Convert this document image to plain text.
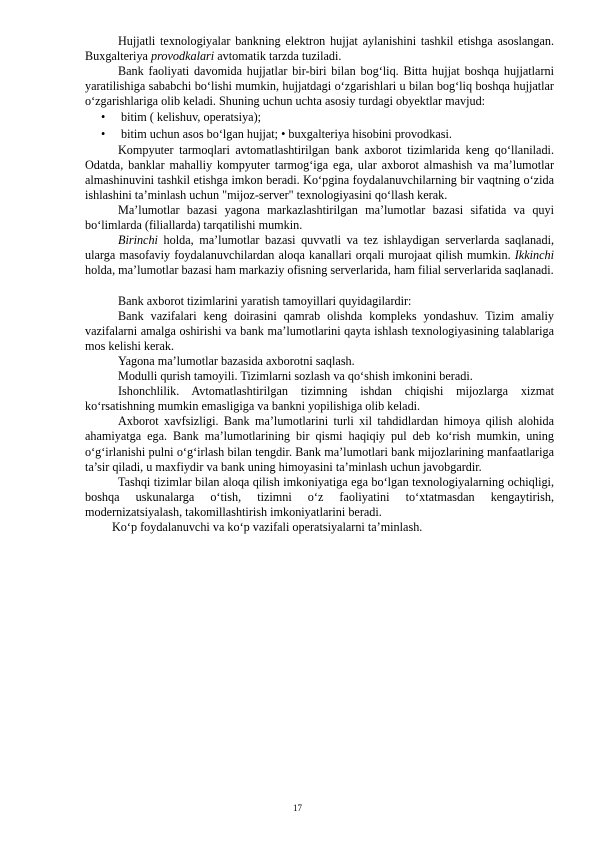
Hujjatli texnologiyalar bankning elektron hujjat aylanishini tashkil etishga asoslangan. Buxgalteriya provodkalari avtomatik tarzda tuziladi.

Bank faoliyati davomida hujjatlar bir-biri bilan bog‘liq. Bitta hujjat boshqa hujjatlarni yaratilishiga sababchi bo‘lishi mumkin, hujjatdagi o‘zgarishlari u bilan bog‘liq boshqa hujjatlar o‘zgarishlariga olib keladi. Shuning uchun uchta asosiy turdagi obyektlar mavjud:

• bitim ( kelishuv, operatsiya);
• bitim uchun asos bo‘lgan hujjat; • buxgalteriya hisobini provodkasi.

Kompyuter tarmoqlari avtomatlashtirilgan bank axborot tizimlarida keng qo‘llaniladi. Odatda, banklar mahalliy kompyuter tarmog‘iga ega, ular axborot almashish va ma’lumotlar almashinuvini tashkil etishga imkon beradi. Ko‘pgina foydalanuvchilarning bir vaqtning o‘zida ishlashini ta’minlash uchun "mijoz-server" texnologiyasini qo‘llash kerak.

Ma’lumotlar bazasi yagona markazlashtirilgan ma’lumotlar bazasi sifatida va quyi bo‘limlarda (filiallarda) tarqatilishi mumkin.

Birinchi holda, ma’lumotlar bazasi quvvatli va tez ishlaydigan serverlarda saqlanadi, ularga masofaviy foydalanuvchilardan aloqa kanallari orqali murojaat qilish mumkin. Ikkinchi holda, ma’lumotlar bazasi ham markaziy ofisning serverlarida, ham filial serverlarida saqlanadi.

Bank axborot tizimlarini yaratish tamoyillari quyidagilardir:

Bank vazifalari keng doirasini qamrab olishda kompleks yondashuv. Tizim amaliy vazifalarni amalga oshirishi va bank ma’lumotlarini qayta ishlash texnologiyasining talablariga mos kelishi kerak.

Yagona ma’lumotlar bazasida axborotni saqlash.

Modulli qurish tamoyili. Tizimlarni sozlash va qo‘shish imkonini beradi.

Ishonchlilik. Avtomatlashtirilgan tizimning ishdan chiqishi mijozlarga xizmat ko‘rsatishning mumkin emasligiga va bankni yopilishiga olib keladi.

Axborot xavfsizligi. Bank ma’lumotlarini turli xil tahdidlardan himoya qilish alohida ahamiyatga ega. Bank ma’lumotlarining bir qismi haqiqiy pul deb ko‘rish mumkin, uning o‘g‘irlanishi pulni o‘g‘irlash bilan tengdir. Bank ma’lumotlari bank mijozlarining manfaatlariga ta’sir qiladi, u maxfiydir va bank uning himoyasini ta’minlash uchun javobgardir.

Tashqi tizimlar bilan aloqa qilish imkoniyatiga ega bo‘lgan texnologiyalarning ochiqligi, boshqa uskunalarga o‘tish, tizimni o‘z faoliyatini to‘xtatmasdan kengaytirish, modernizatsiyalash, takomillashtirish imkoniyatlarini beradi.

Ko‘p foydalanuvchi va ko‘p vazifali operatsiyalarni ta’minlash.

17
